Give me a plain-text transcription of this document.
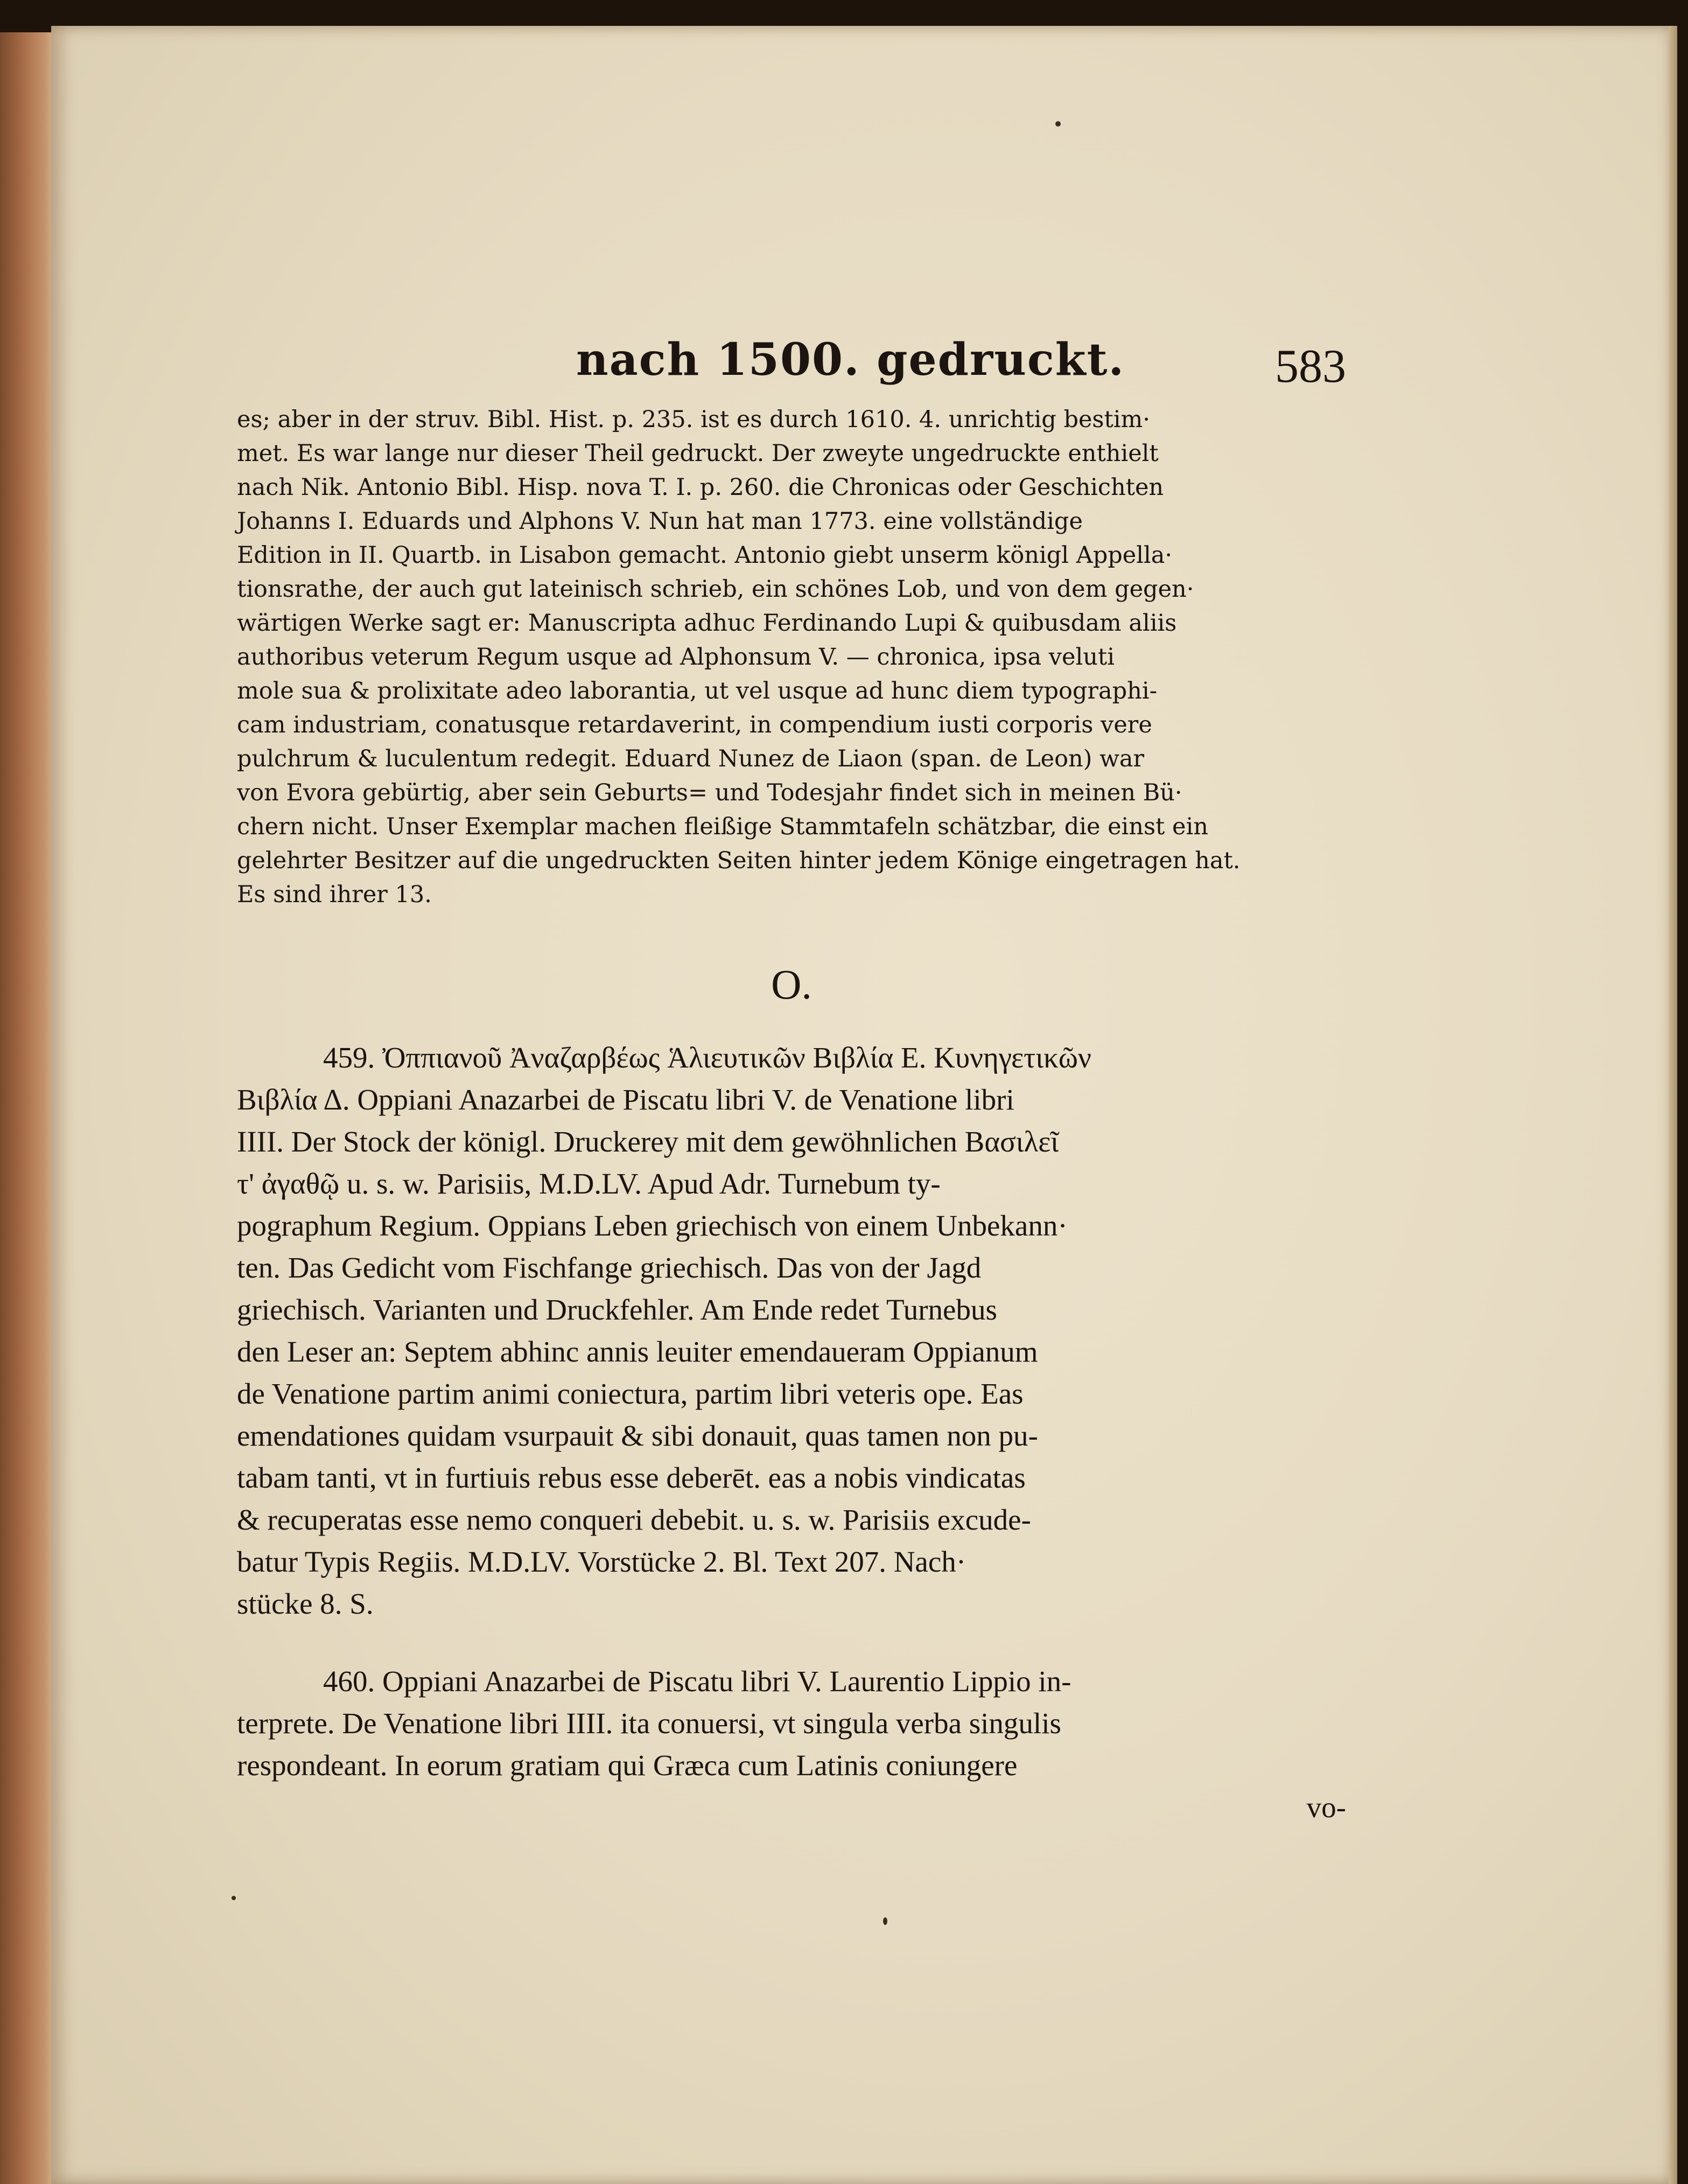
nach 1500. gedruckt.	583

es; aber in der struv. Bibl. Hist. p. 235. ist es durch 1610. 4. unrichtig bestim·

met. Es war lange nur dieser Theil gedruckt. Der zweyte ungedruckte enthielt

nach Nik. Antonio Bibl. Hisp. nova T. I. p. 260. die Chronicas oder Geschichten

Johanns I. Eduards und Alphons V. Nun hat man 1773. eine vollständige

Edition in II. Quartb. in Lisabon gemacht. Antonio giebt unserm königl Appella·

tionsrathe, der auch gut lateinisch schrieb, ein schönes Lob, und von dem gegen·

wärtigen Werke sagt er: Manuscripta adhuc Ferdinando Lupi & quibusdam aliis

authoribus veterum Regum usque ad Alphonsum V. — chronica, ipsa veluti

mole sua & prolixitate adeo laborantia, ut vel usque ad hunc diem typographi-

cam industriam, conatusque retardaverint, in compendium iusti corporis vere

pulchrum & luculentum redegit. Eduard Nunez de Liaon (span. de Leon) war

von Evora gebürtig, aber sein Geburts= und Todesjahr findet sich in meinen Bü·

chern nicht. Unser Exemplar machen fleißige Stammtafeln schätzbar, die einst ein

gelehrter Besitzer auf die ungedruckten Seiten hinter jedem Könige eingetragen hat.

Es sind ihrer 13.

O.

459. Ὀππιανοῦ Ἀναζαρβέως Ἁλιευτικῶν Βιβλία Ε. Κυνηγετικῶν

Βιβλία Δ. Oppiani Anazarbei de Piscatu libri V. de Venatione libri

IIII. Der Stock der königl. Druckerey mit dem gewöhnlichen Βασιλεῖ

τ' ἀγαθῷ u. s. w. Parisiis, M.D.LV. Apud Adr. Turnebum ty-

pographum Regium. Oppians Leben griechisch von einem Unbekann·

ten. Das Gedicht vom Fischfange griechisch. Das von der Jagd

griechisch. Varianten und Druckfehler. Am Ende redet Turnebus

den Leser an: Septem abhinc annis leuiter emendaueram Oppianum

de Venatione partim animi coniectura, partim libri veteris ope. Eas

emendationes quidam vsurpauit & sibi donauit, quas tamen non pu-

tabam tanti, vt in furtiuis rebus esse deberēt. eas a nobis vindicatas

& recuperatas esse nemo conqueri debebit. u. s. w. Parisiis excude-

batur Typis Regiis. M.D.LV. Vorstücke 2. Bl. Text 207. Nach·

stücke 8. S.

460. Oppiani Anazarbei de Piscatu libri V. Laurentio Lippio in-

terprete. De Venatione libri IIII. ita conuersi, vt singula verba singulis

respondeant. In eorum gratiam qui Græca cum Latinis coniungere

vo-
